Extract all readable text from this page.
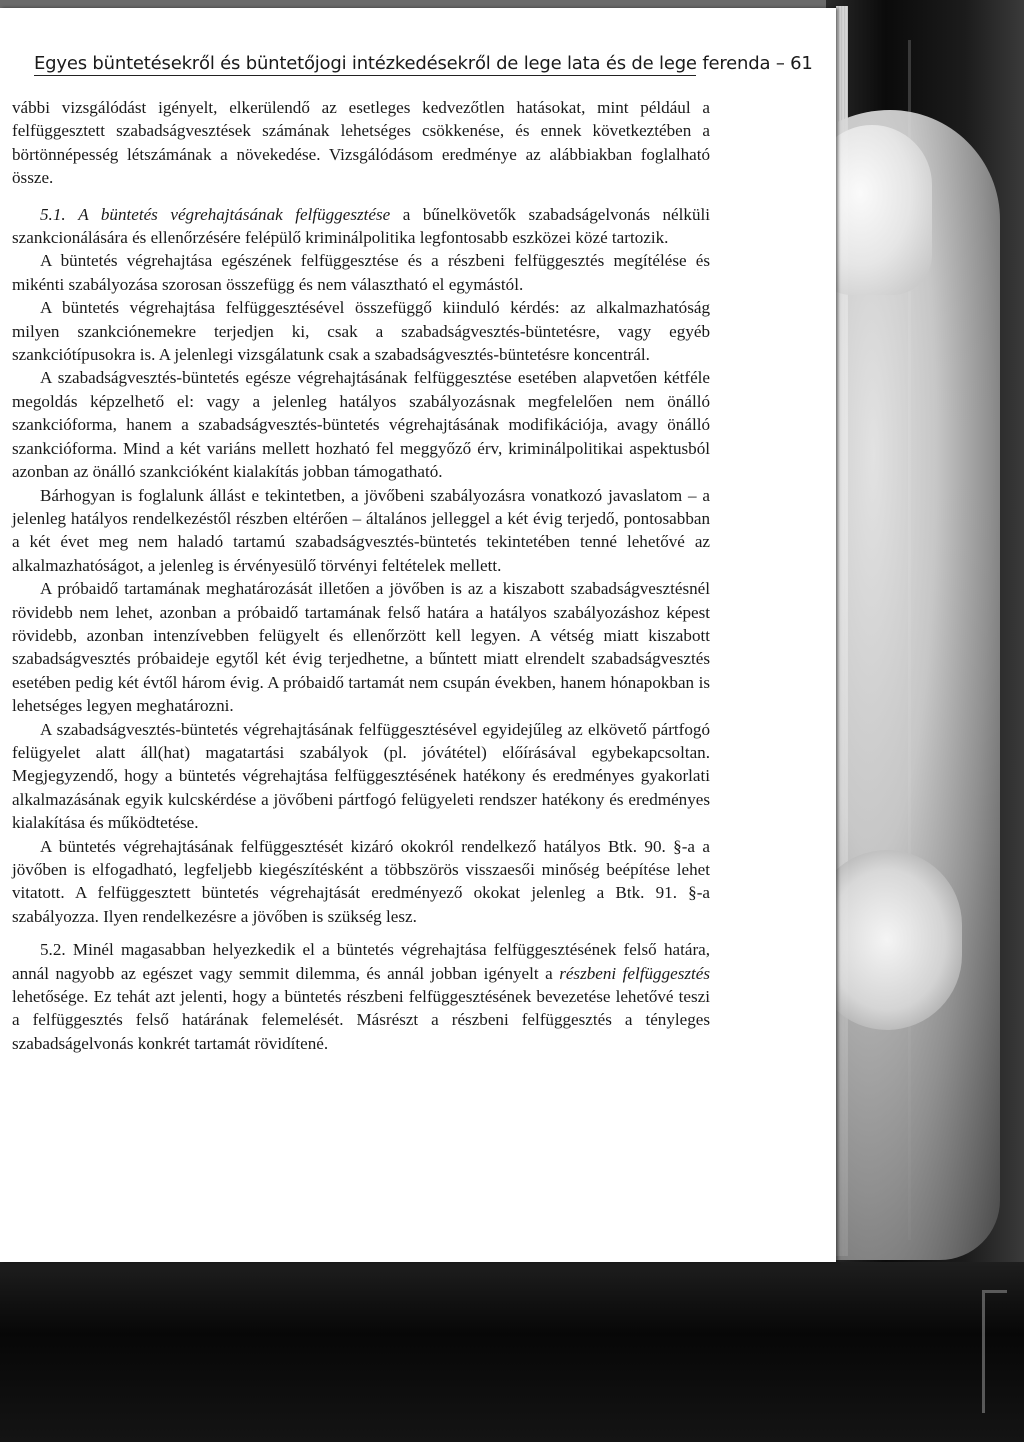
Egyes büntetésekről és büntetőjogi intézkedésekről de lege lata és de lege ferenda – 61

vábbi vizsgálódást igényelt, elkerülendő az esetleges kedvezőtlen hatásokat, mint például a felfüggesztett szabadságvesztések számának lehetséges csökkenése, és ennek következtében a börtönnépesség létszámának a növekedése. Vizsgálódásom eredménye az alábbiakban foglalható össze.

5.1. A büntetés végrehajtásának felfüggesztése a bűnelkövetők szabadságelvonás nélküli szankcionálására és ellenőrzésére felépülő kriminálpolitika legfontosabb eszközei közé tartozik.

A büntetés végrehajtása egészének felfüggesztése és a részbeni felfüggesztés megítélése és mikénti szabályozása szorosan összefügg és nem választható el egymástól.

A büntetés végrehajtása felfüggesztésével összefüggő kiinduló kérdés: az alkalmazhatóság milyen szankciónemekre terjedjen ki, csak a szabadságvesztés-büntetésre, vagy egyéb szankciótípusokra is. A jelenlegi vizsgálatunk csak a szabadságvesztés-büntetésre koncentrál.

A szabadságvesztés-büntetés egésze végrehajtásának felfüggesztése esetében alapvetően kétféle megoldás képzelhető el: vagy a jelenleg hatályos szabályozásnak megfelelően nem önálló szankcióforma, hanem a szabadságvesztés-büntetés végrehajtásának modifikációja, avagy önálló szankcióforma. Mind a két variáns mellett hozható fel meggyőző érv, kriminálpolitikai aspektusból azonban az önálló szankcióként kialakítás jobban támogatható.

Bárhogyan is foglalunk állást e tekintetben, a jövőbeni szabályozásra vonatkozó javaslatom – a jelenleg hatályos rendelkezéstől részben eltérően – általános jelleggel a két évig terjedő, pontosabban a két évet meg nem haladó tartamú szabadságvesztés-büntetés tekintetében tenné lehetővé az alkalmazhatóságot, a jelenleg is érvényesülő törvényi feltételek mellett.

A próbaidő tartamának meghatározását illetően a jövőben is az a kiszabott szabadságvesztésnél rövidebb nem lehet, azonban a próbaidő tartamának felső határa a hatályos szabályozáshoz képest rövidebb, azonban intenzívebben felügyelt és ellenőrzött kell legyen. A vétség miatt kiszabott szabadságvesztés próbaideje egytől két évig terjedhetne, a bűntett miatt elrendelt szabadságvesztés esetében pedig két évtől három évig. A próbaidő tartamát nem csupán években, hanem hónapokban is lehetséges legyen meghatározni.

A szabadságvesztés-büntetés végrehajtásának felfüggesztésével egyidejűleg az elkövető pártfogó felügyelet alatt áll(hat) magatartási szabályok (pl. jóvátétel) előírásával egybekapcsoltan. Megjegyzendő, hogy a büntetés végrehajtása felfüggesztésének hatékony és eredményes gyakorlati alkalmazásának egyik kulcskérdése a jövőbeni pártfogó felügyeleti rendszer hatékony és eredményes kialakítása és működtetése.

A büntetés végrehajtásának felfüggesztését kizáró okokról rendelkező hatályos Btk. 90. §-a a jövőben is elfogadható, legfeljebb kiegészítésként a többszörös visszaesői minőség beépítése lehet vitatott. A felfüggesztett büntetés végrehajtását eredményező okokat jelenleg a Btk. 91. §-a szabályozza. Ilyen rendelkezésre a jövőben is szükség lesz.

5.2. Minél magasabban helyezkedik el a büntetés végrehajtása felfüggesztésének felső határa, annál nagyobb az egészet vagy semmit dilemma, és annál jobban igényelt a részbeni felfüggesztés lehetősége. Ez tehát azt jelenti, hogy a büntetés részbeni felfüggesztésének bevezetése lehetővé teszi a felfüggesztés felső határának felemelését. Másrészt a részbeni felfüggesztés a tényleges szabadságelvonás konkrét tartamát rövidítené.
